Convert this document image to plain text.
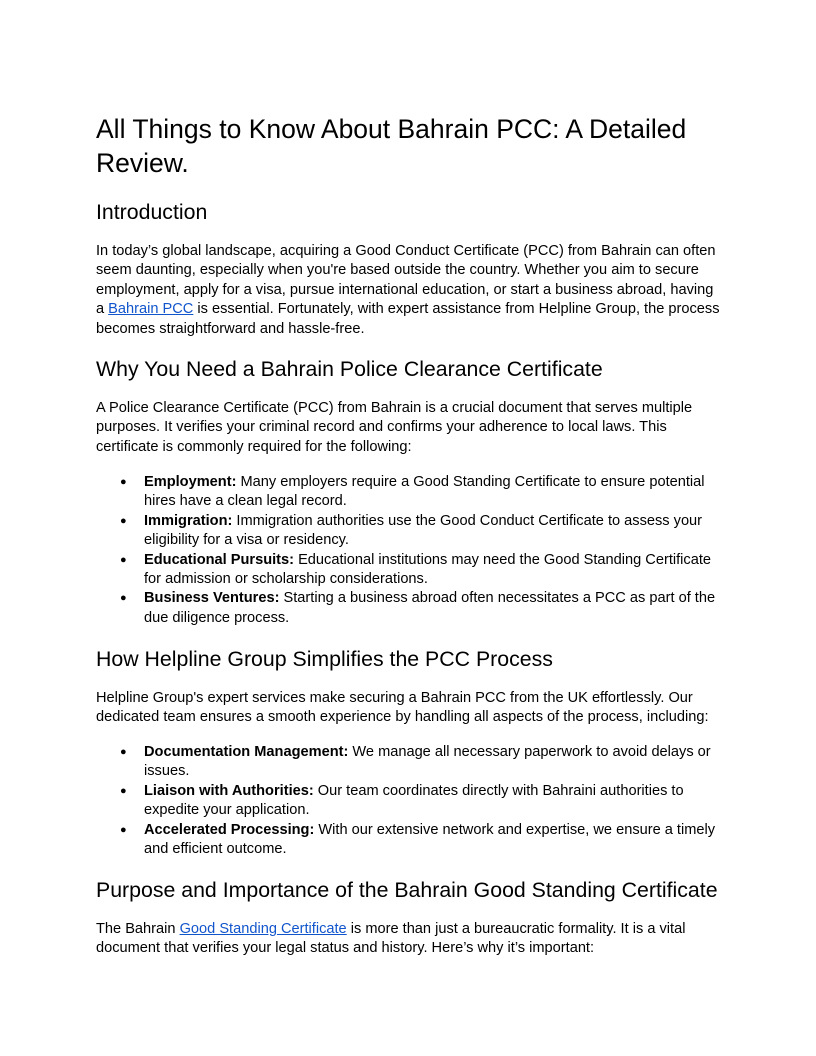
All Things to Know About Bahrain PCC: A Detailed Review.
Introduction

In today’s global landscape, acquiring a Good Conduct Certificate (PCC) from Bahrain can often seem daunting, especially when you're based outside the country. Whether you aim to secure employment, apply for a visa, pursue international education, or start a business abroad, having a Bahrain PCC is essential. Fortunately, with expert assistance from Helpline Group, the process becomes straightforward and hassle-free.

Why You Need a Bahrain Police Clearance Certificate

A Police Clearance Certificate (PCC) from Bahrain is a crucial document that serves multiple purposes. It verifies your criminal record and confirms your adherence to local laws. This certificate is commonly required for the following:

● Employment: Many employers require a Good Standing Certificate to ensure potential hires have a clean legal record.
● Immigration: Immigration authorities use the Good Conduct Certificate to assess your eligibility for a visa or residency.
● Educational Pursuits: Educational institutions may need the Good Standing Certificate for admission or scholarship considerations.
● Business Ventures: Starting a business abroad often necessitates a PCC as part of the due diligence process.
How Helpline Group Simplifies the PCC Process

Helpline Group's expert services make securing a Bahrain PCC from the UK effortlessly. Our dedicated team ensures a smooth experience by handling all aspects of the process, including:

● Documentation Management: We manage all necessary paperwork to avoid delays or issues.
● Liaison with Authorities: Our team coordinates directly with Bahraini authorities to expedite your application.
● Accelerated Processing: With our extensive network and expertise, we ensure a timely and efficient outcome.
Purpose and Importance of the Bahrain Good Standing Certificate

The Bahrain Good Standing Certificate is more than just a bureaucratic formality. It is a vital document that verifies your legal status and history. Here’s why it’s important:
